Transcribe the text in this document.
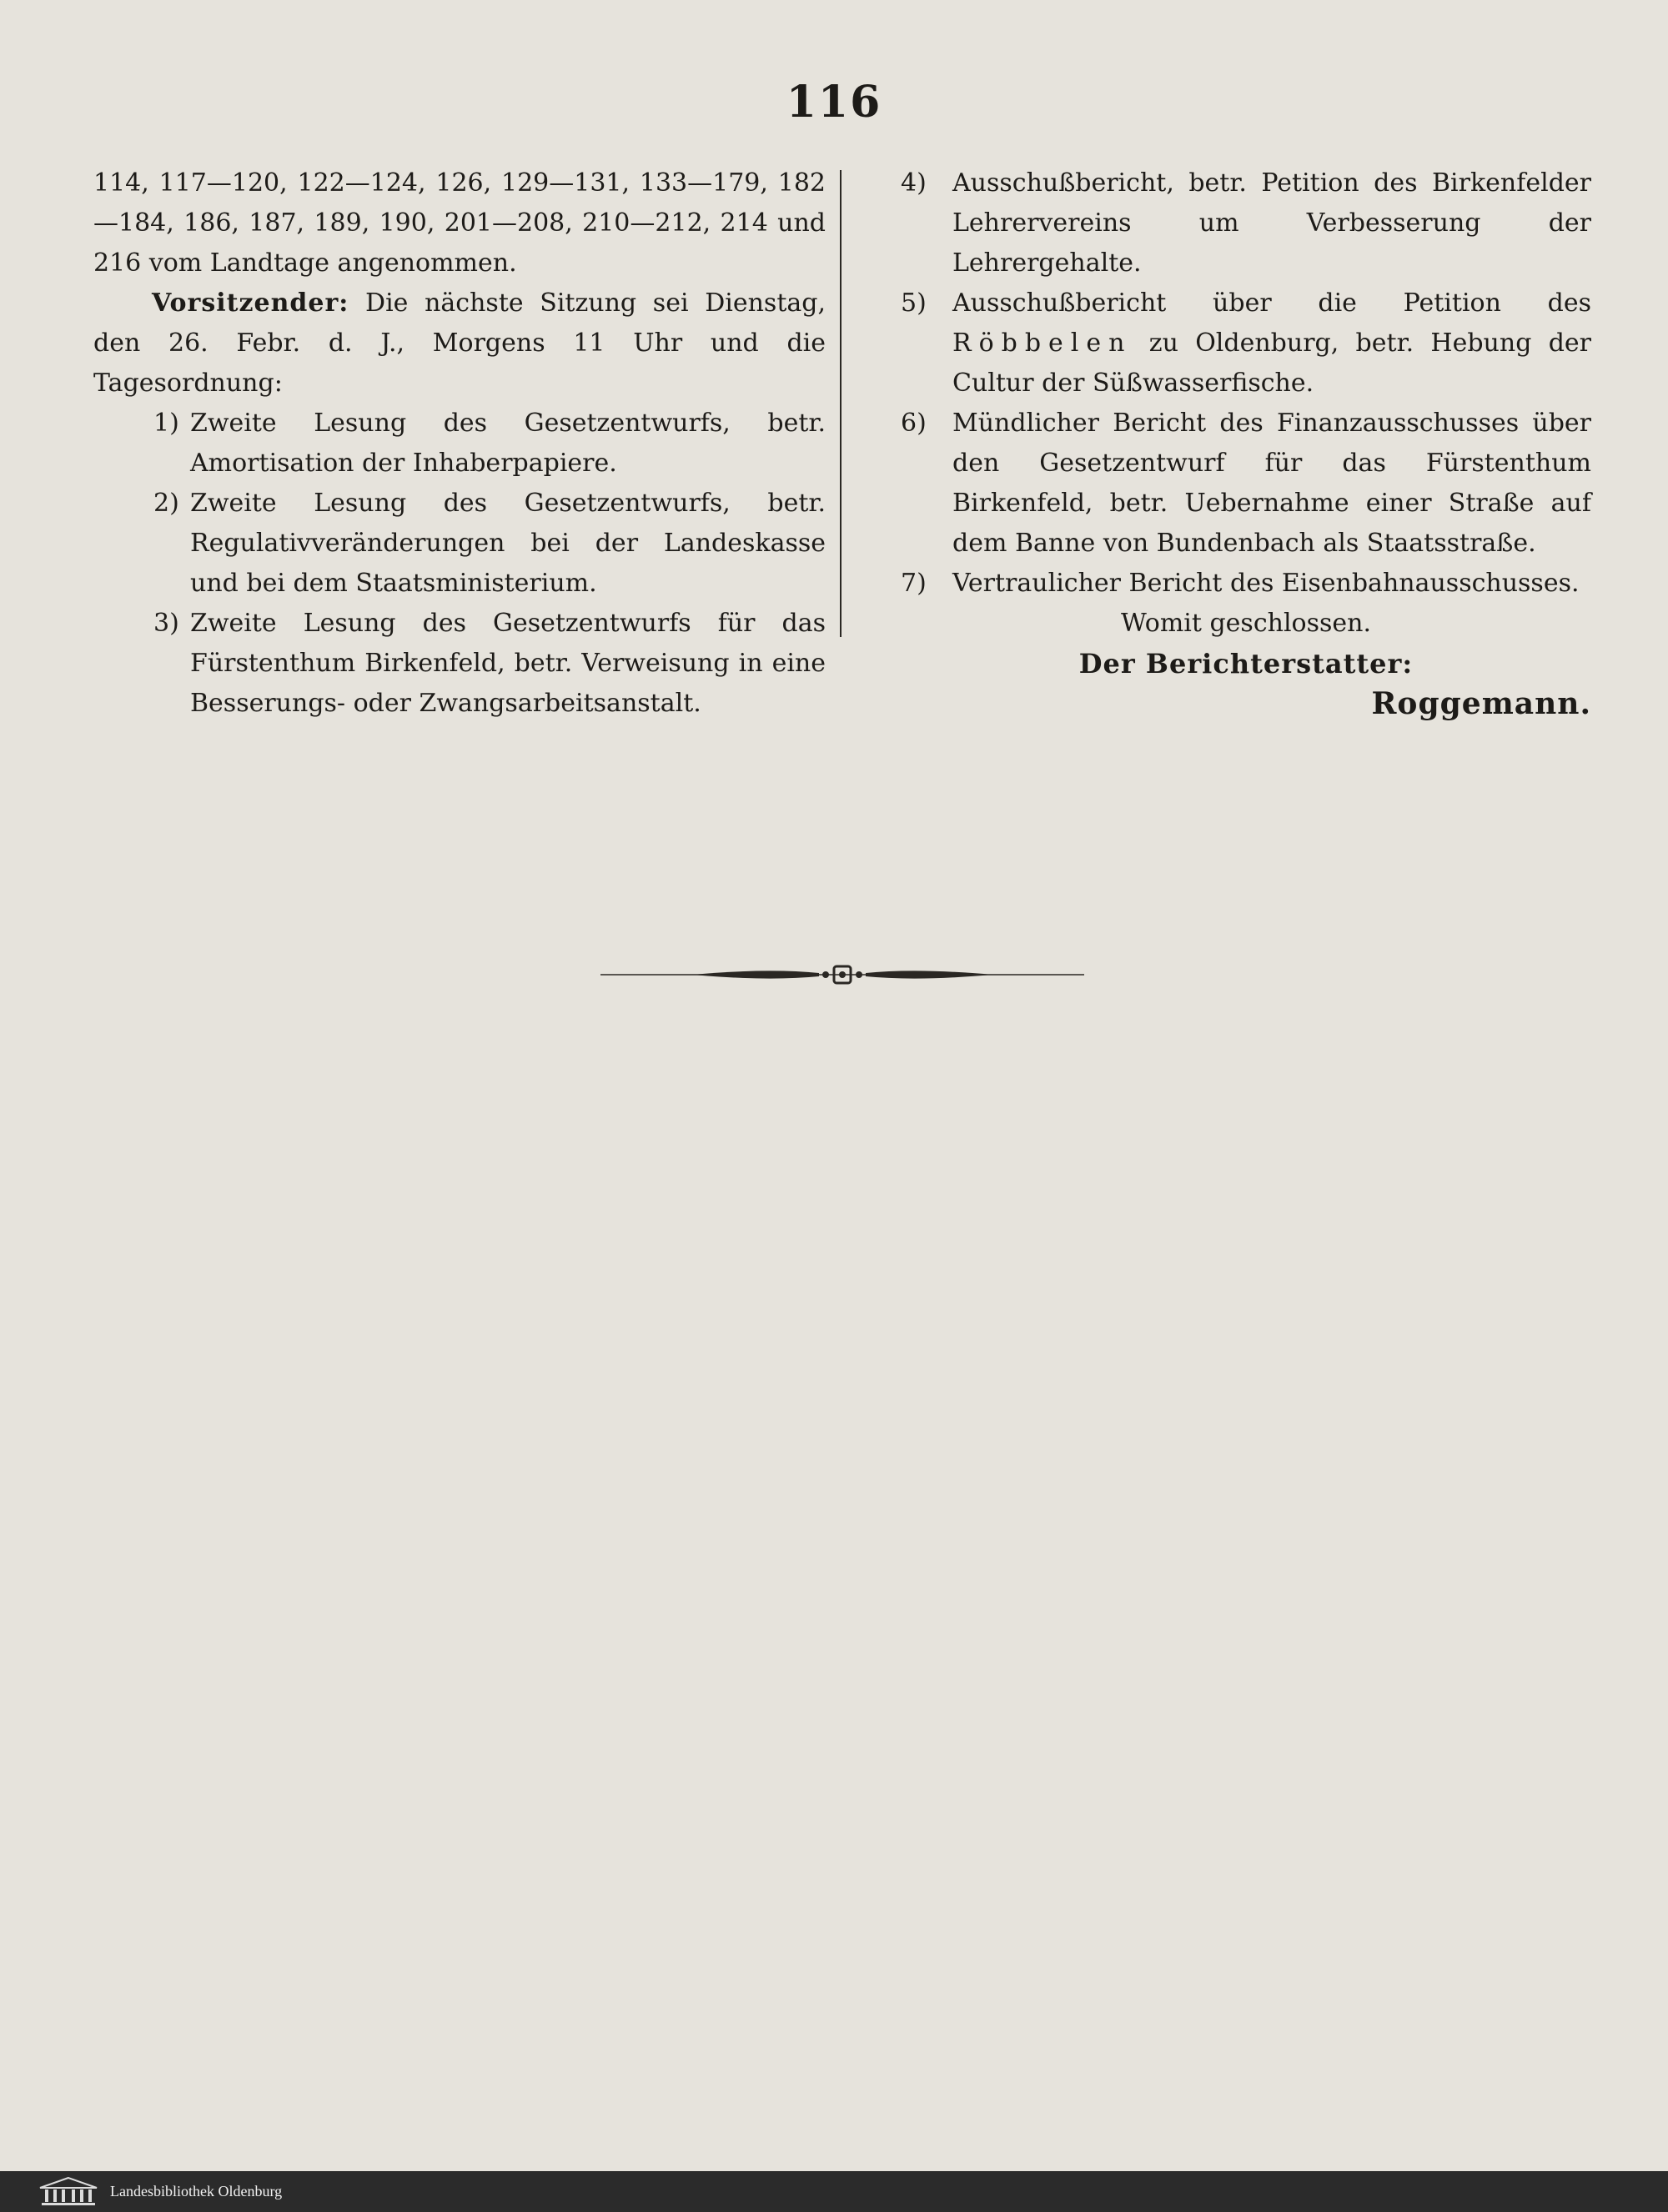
116

114, 117—120, 122—124, 126, 129—131, 133—179, 182—184, 186, 187, 189, 190, 201—208, 210—212, 214 und 216 vom Landtage angenommen.

Vorsitzender: Die nächste Sitzung sei Dienstag, den 26. Febr. d. J., Morgens 11 Uhr und die Tagesordnung:

1) Zweite Lesung des Gesetzentwurfs, betr. Amortisation der Inhaberpapiere.
2) Zweite Lesung des Gesetzentwurfs, betr. Regulativveränderungen bei der Landeskasse und bei dem Staatsministerium.
3) Zweite Lesung des Gesetzentwurfs für das Fürstenthum Birkenfeld, betr. Verweisung in eine Besserungs- oder Zwangsarbeitsanstalt.
4)	Ausschußbericht, betr. Petition des Birkenfelder Lehrervereins um Verbesserung der Lehrergehalte.
5)	Ausschußbericht über die Petition des Röbbelen zu Oldenburg, betr. Hebung der Cultur der Süßwasserfische.
6)	Mündlicher Bericht des Finanzausschusses über den Gesetzentwurf für das Fürstenthum Birkenfeld, betr. Uebernahme einer Straße auf dem Banne von Bundenbach als Staatsstraße.
7)	Vertraulicher Bericht des Eisenbahnausschusses.

Womit geschlossen.

Der Berichterstatter:

Roggemann.

Landesbibliothek Oldenburg
